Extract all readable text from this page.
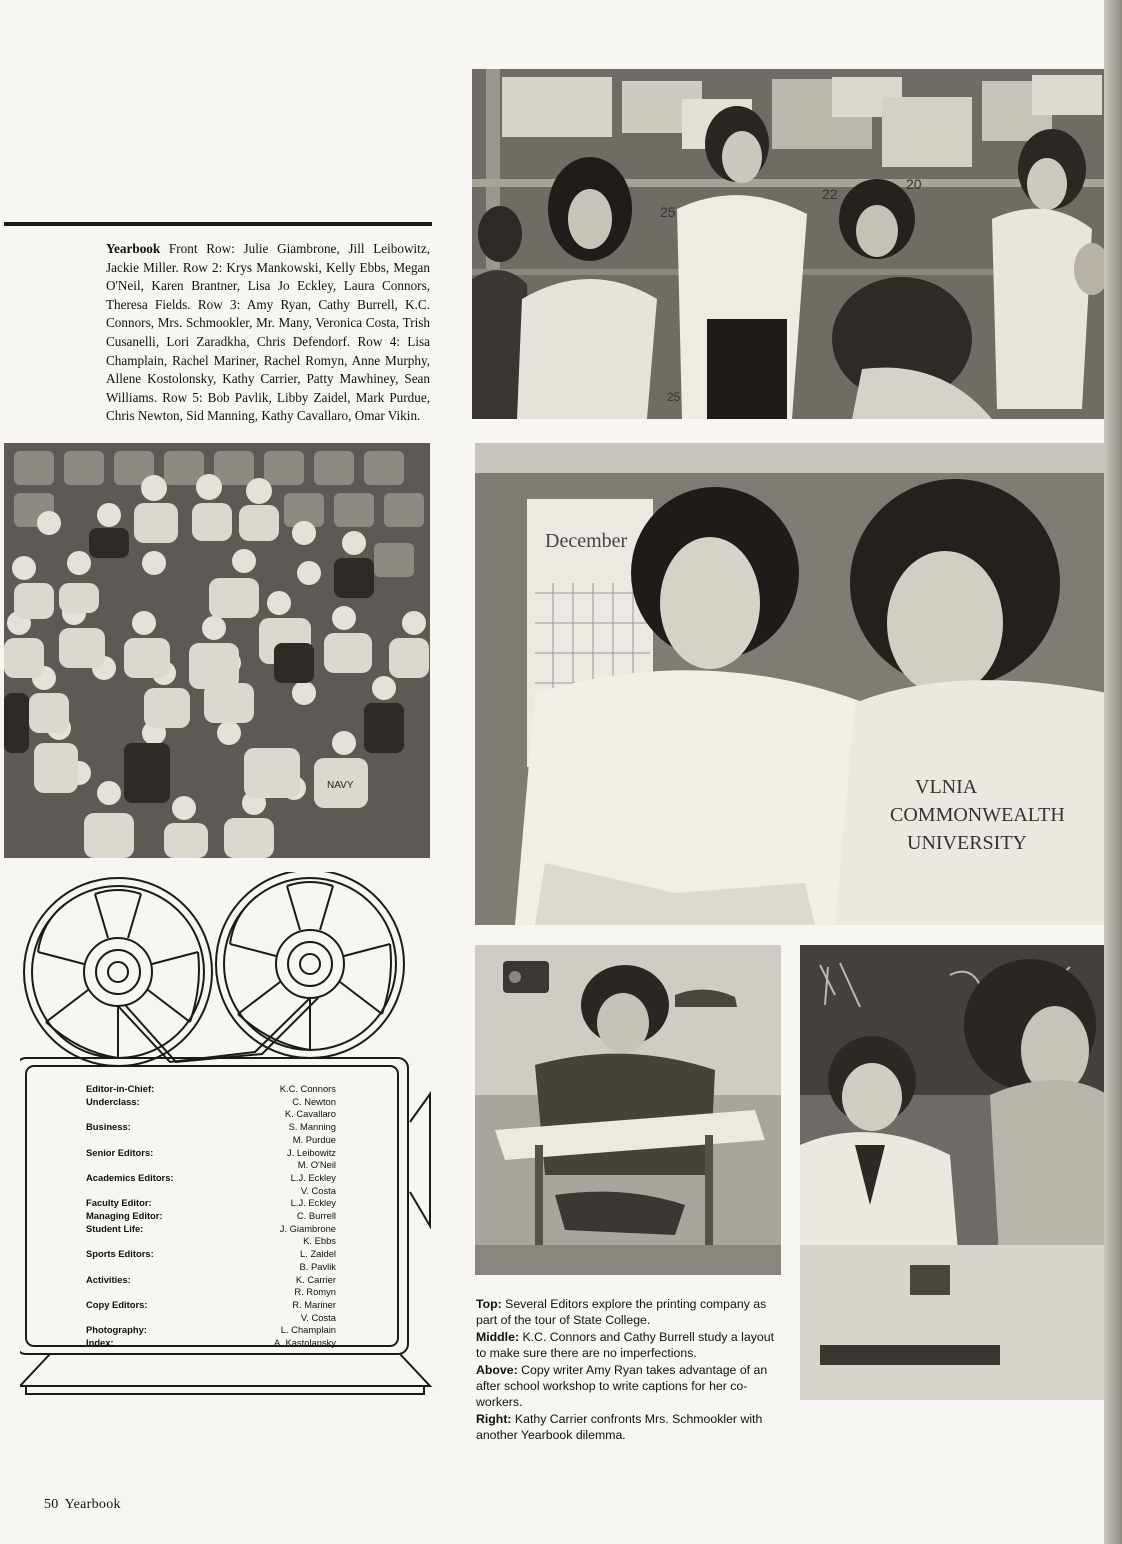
Yearbook Front Row: Julie Giambrone, Jill Leibowitz, Jackie Miller. Row 2: Krys Mankowski, Kelly Ebbs, Megan O'Neil, Karen Brantner, Lisa Jo Eckley, Laura Connors, Theresa Fields. Row 3: Amy Ryan, Cathy Burrell, K.C. Connors, Mrs. Schmookler, Mr. Many, Veronica Costa, Trish Cusanelli, Lori Zaradkha, Chris Defendorf. Row 4: Lisa Champlain, Rachel Mariner, Rachel Romyn, Anne Murphy, Allene Kostolonsky, Kathy Carrier, Patty Mawhiney, Sean Williams. Row 5: Bob Pavlik, Libby Zaidel, Mark Purdue, Chris Newton, Sid Manning, Kathy Cavallaro, Omar Vikin.
25
22
20
25
NAVY
December
VLNIA
COMMONWEALTH
UNIVERSITY
Editor-in-Chief:	K.C. Connors
Underclass:	C. Newton
K. Cavallaro
Business:	S. Manning
M. Purdue
Senior Editors:	J. Leibowitz
M. O'Neil
Academics Editors:	L.J. Eckley
V. Costa
Faculty Editor:	L.J. Eckley
Managing Editor:	C. Burrell
Student Life:	J. Giambrone
K. Ebbs
Sports Editors:	L. Zaidel
B. Pavlik
Activities:	K. Carrier
R. Romyn
Copy Editors:	R. Mariner
V. Costa
Photography:	L. Champlain
Index:	A. Kastolansky
Top: Several Editors explore the printing company as part of the tour of State College.
Middle: K.C. Connors and Cathy Burrell study a layout to make sure there are no imperfections.
Above: Copy writer Amy Ryan takes advantage of an after school workshop to write captions for her co-workers.
Right: Kathy Carrier confronts Mrs. Schmookler with another Yearbook dilemma.
50 Yearbook
